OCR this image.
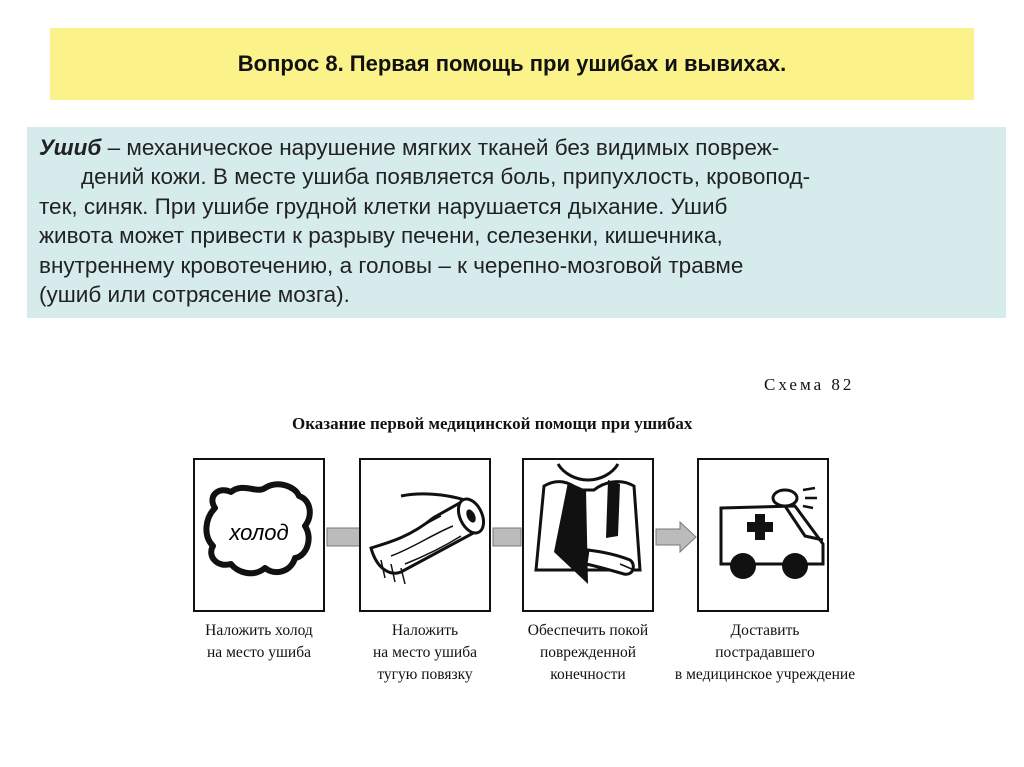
Вопрос 8. Первая помощь при ушибах и вывихах.
Ушиб – механическое нарушение мягких тканей без видимых повреж-
дений кожи. В месте ушиба появляется боль, припухлость, кровопод-
тек, синяк. При ушибе грудной клетки нарушается дыхание. Ушиб
живота может привести к разрыву печени, селезенки, кишечника,
внутреннему кровотечению, а головы – к черепно-мозговой травме
(ушиб или сотрясение мозга).
Схема 82
Оказание первой медицинской помощи при ушибах
холод
Наложить холод
на место ушиба
Наложить
на место ушиба
тугую повязку
Обеспечить покой
поврежденной
конечности
Доставить
пострадавшего
в медицинское учреждение
